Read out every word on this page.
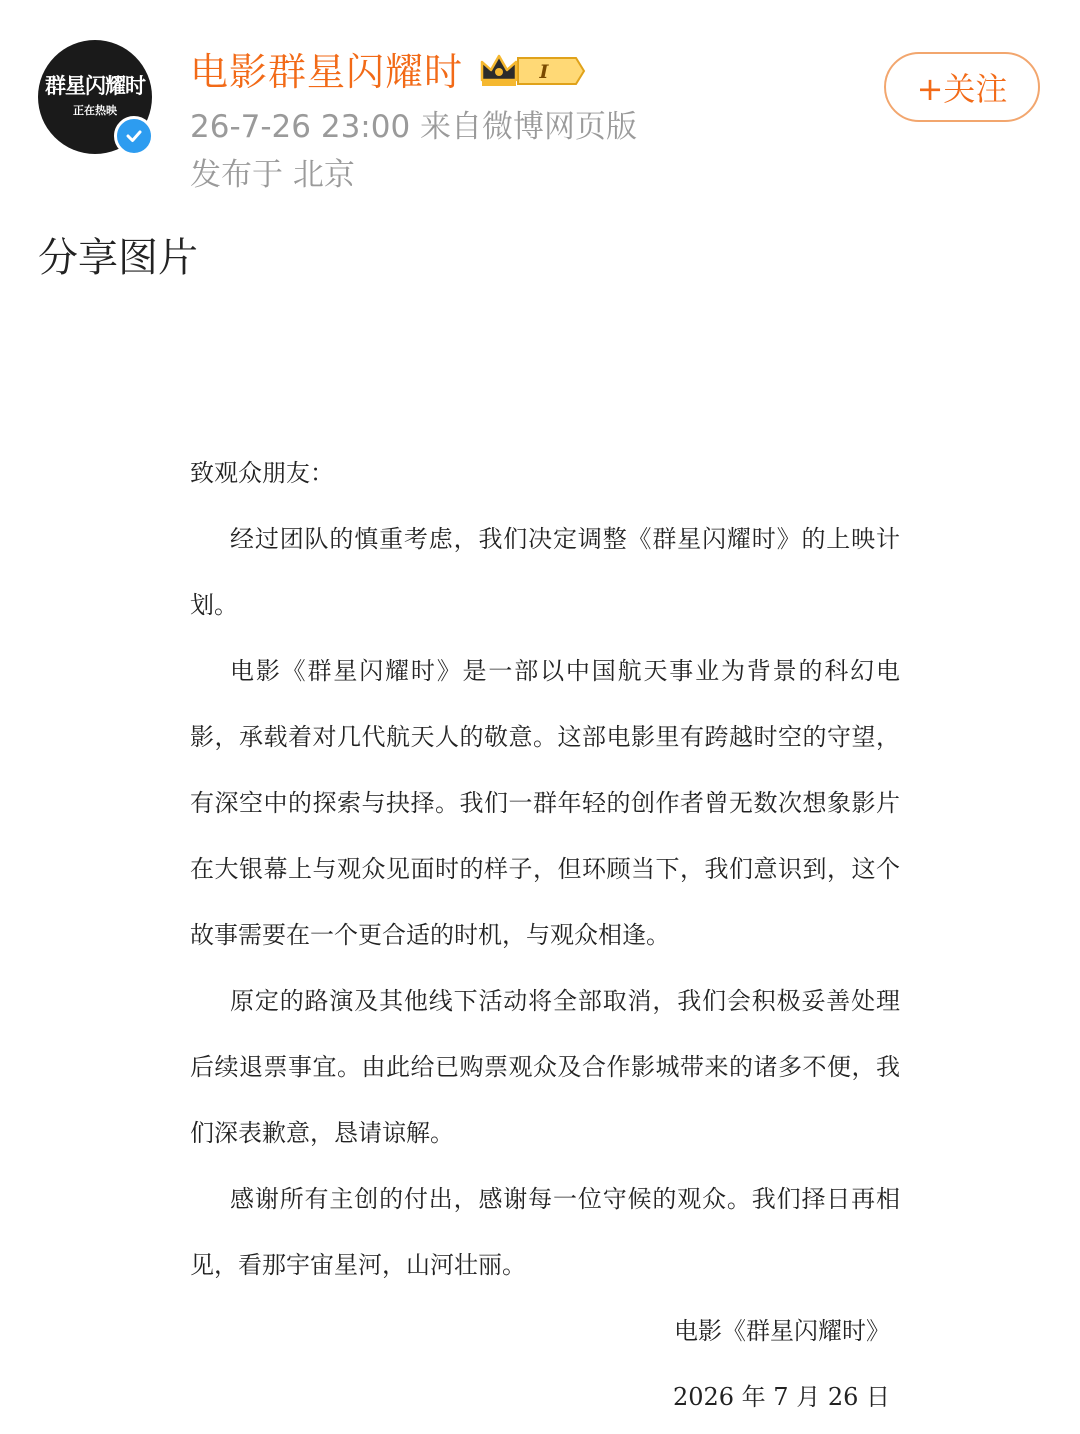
群星闪耀时
正在热映
电影群星闪耀时	I
26-7-26 23:00 来自微博网页版
发布于 北京
+关注
分享图片

致观众朋友：

经过团队的慎重考虑，我们决定调整《群星闪耀时》的上映计划。

电影《群星闪耀时》是一部以中国航天事业为背景的科幻电影，承载着对几代航天人的敬意。这部电影里有跨越时空的守望，有深空中的探索与抉择。我们一群年轻的创作者曾无数次想象影片在大银幕上与观众见面时的样子，但环顾当下，我们意识到，这个故事需要在一个更合适的时机，与观众相逢。

原定的路演及其他线下活动将全部取消，我们会积极妥善处理后续退票事宜。由此给已购票观众及合作影城带来的诸多不便，我们深表歉意，恳请谅解。

感谢所有主创的付出，感谢每一位守候的观众。我们择日再相见，看那宇宙星河，山河壮丽。

电影《群星闪耀时》
2026 年 7 月 26 日
